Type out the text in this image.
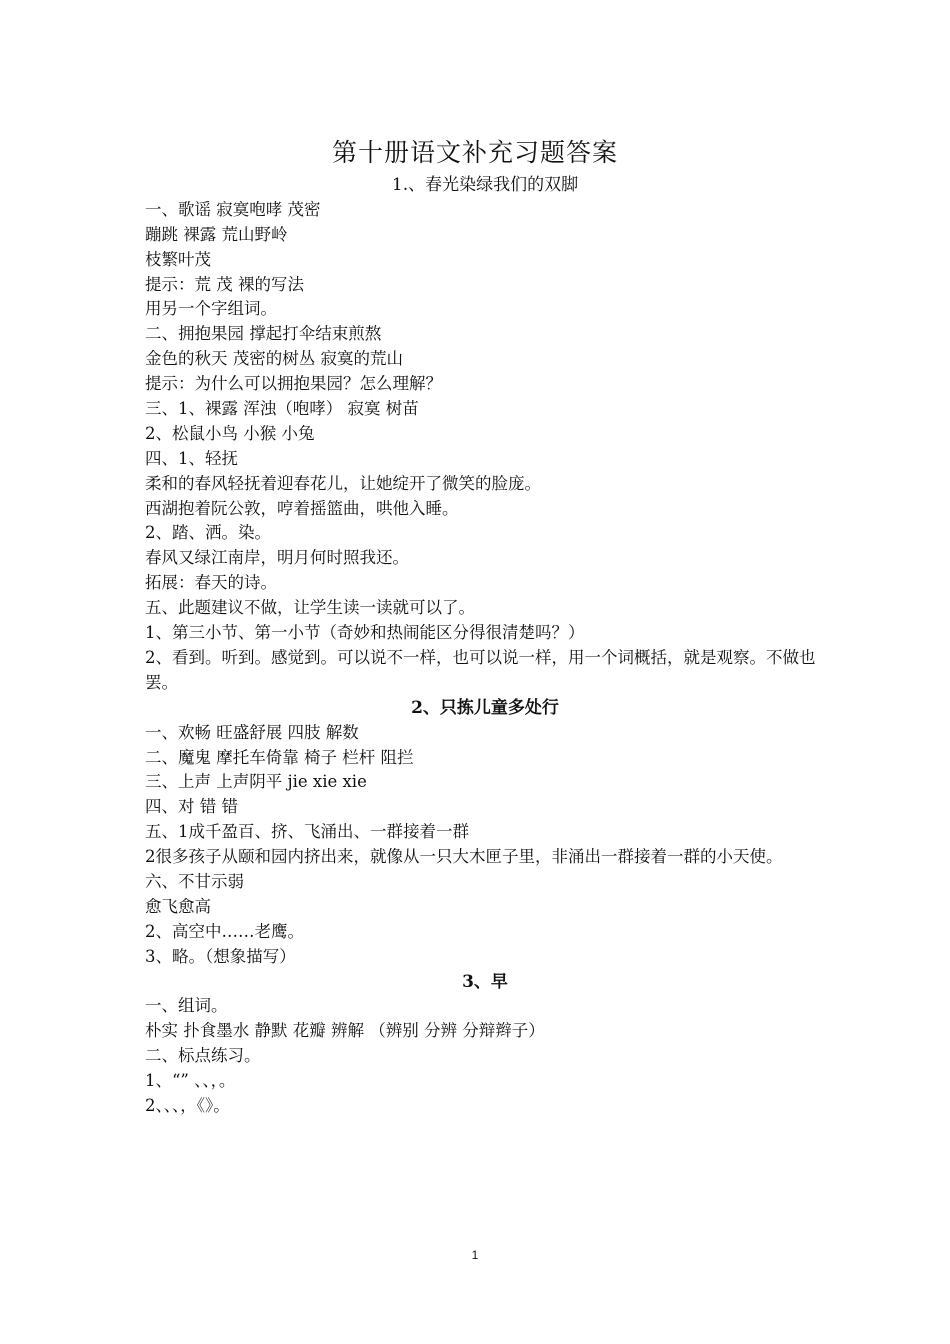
第十册语文补充习题答案
1.、春光染绿我们的双脚
一、歌谣 寂寞咆哮 茂密
蹦跳 裸露 荒山野岭
枝繁叶茂
提示：荒 茂 裸的写法
用另一个字组词。
二、拥抱果园 撑起打伞结束煎熬
金色的秋天 茂密的树丛 寂寞的荒山
提示：为什么可以拥抱果园？怎么理解？
三、1、裸露 浑浊（咆哮） 寂寞 树苗
2、松鼠小鸟 小猴 小兔
四、1、轻抚
柔和的春风轻抚着迎春花儿，让她绽开了微笑的脸庞。
西湖抱着阮公敦，哼着摇篮曲，哄他入睡。
2、踏、洒。染。
春风又绿江南岸，明月何时照我还。
拓展：春天的诗。
五、此题建议不做，让学生读一读就可以了。
1、第三小节、第一小节（奇妙和热闹能区分得很清楚吗？）
2、看到。听到。感觉到。可以说不一样，也可以说一样，用一个词概括，就是观察。不做也罢。
2、只拣儿童多处行
一、欢畅 旺盛舒展 四肢 解数
二、魔鬼 摩托车倚靠 椅子 栏杆 阻拦
三、上声 上声阴平 jie xie xie
四、对 错 错
五、1成千盈百、挤、飞涌出、一群接着一群
2很多孩子从颐和园内挤出来，就像从一只大木匣子里，非涌出一群接着一群的小天使。
六、不甘示弱
愈飞愈高
2、高空中……老鹰。
3、略。（想象描写）
3、早
一、组词。
朴实 扑食墨水 静默 花瓣 辨解 （辨别 分辨 分辩辫子）
二、标点练习。
1、“” 、、，。
2、、、，《》。
1
